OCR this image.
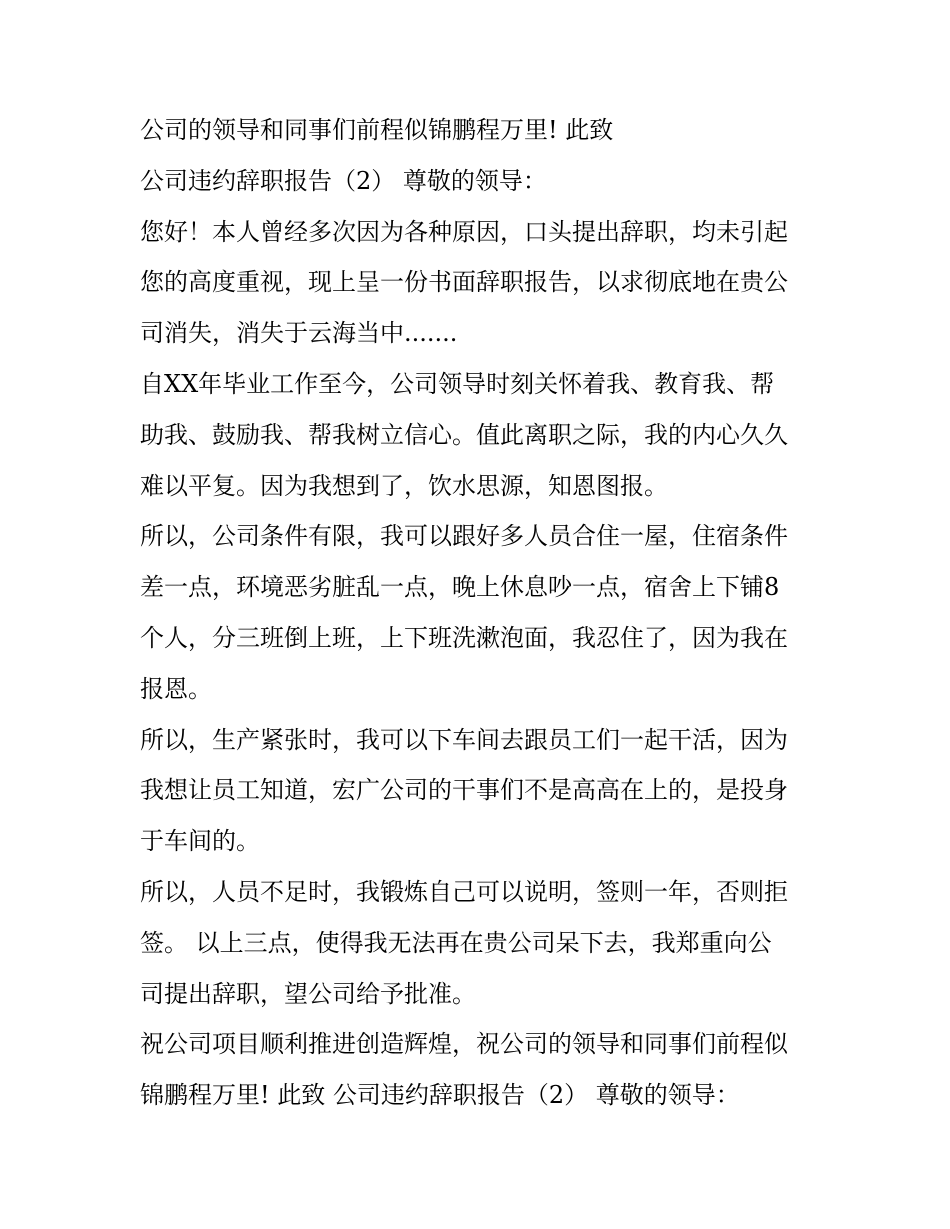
公司的领导和同事们前程似锦鹏程万里! 此致
公司违约辞职报告（2） 尊敬的领导：
您好！本人曾经多次因为各种原因，口头提出辞职，均未引起
您的高度重视，现上呈一份书面辞职报告，以求彻底地在贵公
司消失，消失于云海当中.......
自XX年毕业工作至今，公司领导时刻关怀着我、教育我、帮
助我、鼓励我、帮我树立信心。值此离职之际，我的内心久久
难以平复。因为我想到了，饮水思源，知恩图报。
所以，公司条件有限，我可以跟好多人员合住一屋，住宿条件
差一点，环境恶劣脏乱一点，晚上休息吵一点，宿舍上下铺8
个人，分三班倒上班，上下班洗漱泡面，我忍住了，因为我在
报恩。
所以，生产紧张时，我可以下车间去跟员工们一起干活，因为
我想让员工知道，宏广公司的干事们不是高高在上的，是投身
于车间的。
所以，人员不足时，我锻炼自己可以说明，签则一年，否则拒
签。 以上三点，使得我无法再在贵公司呆下去，我郑重向公
司提出辞职，望公司给予批准。
祝公司项目顺利推进创造辉煌，祝公司的领导和同事们前程似
锦鹏程万里! 此致 公司违约辞职报告（2） 尊敬的领导：
